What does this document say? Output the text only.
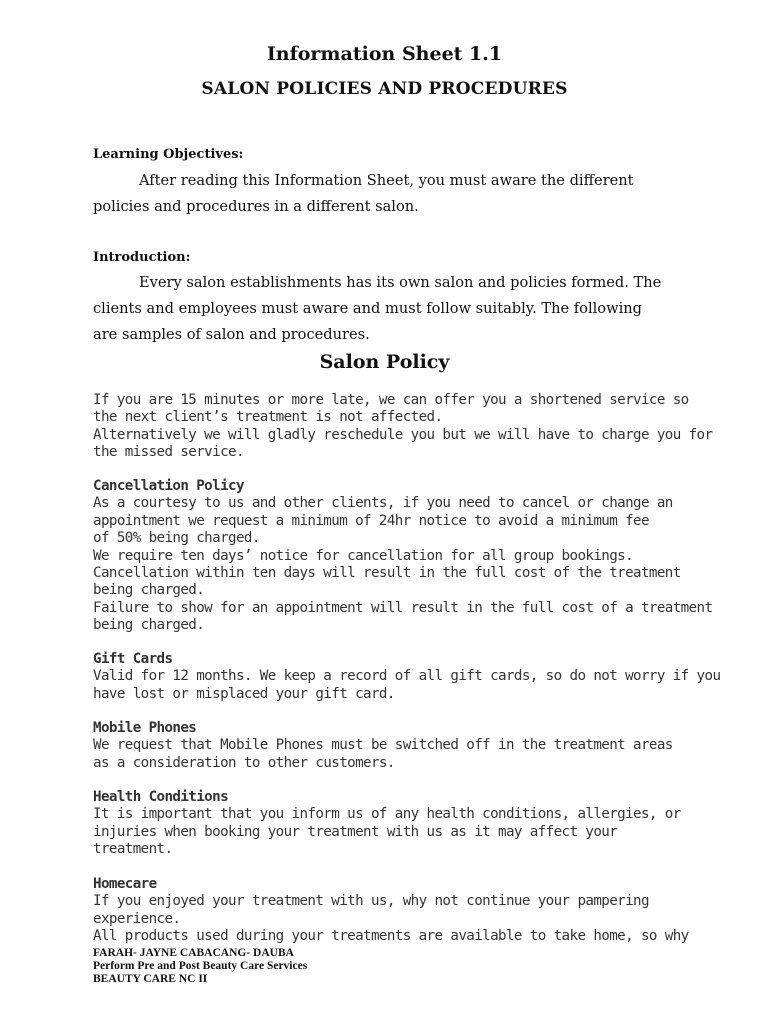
Information Sheet 1.1
SALON POLICIES AND PROCEDURES
Learning Objectives:
After reading this Information Sheet, you must aware the different
policies and procedures in a different salon.
Introduction:
Every salon establishments has its own salon and policies formed. The
clients and employees must aware and must follow suitably. The following
are samples of salon and procedures.
Salon Policy
If you are 15 minutes or more late, we can offer you a shortened service so
the next client’s treatment is not affected.
Alternatively we will gladly reschedule you but we will have to charge you for
the missed service.
Cancellation Policy
As a courtesy to us and other clients, if you need to cancel or change an
appointment we request a minimum of 24hr notice to avoid a minimum fee
of 50% being charged.
We require ten days’ notice for cancellation for all group bookings.
Cancellation within ten days will result in the full cost of the treatment
being charged.
Failure to show for an appointment will result in the full cost of a treatment
being charged.
Gift Cards
Valid for 12 months. We keep a record of all gift cards, so do not worry if you
have lost or misplaced your gift card.
Mobile Phones
We request that Mobile Phones must be switched off in the treatment areas
as a consideration to other customers.
Health Conditions
It is important that you inform us of any health conditions, allergies, or
injuries when booking your treatment with us as it may affect your
treatment.
Homecare
If you enjoyed your treatment with us, why not continue your pampering
experience.
All products used during your treatments are available to take home, so why
FARAH- JAYNE CABACANG- DAUBA
Perform Pre and Post Beauty Care Services
BEAUTY CARE NC II
